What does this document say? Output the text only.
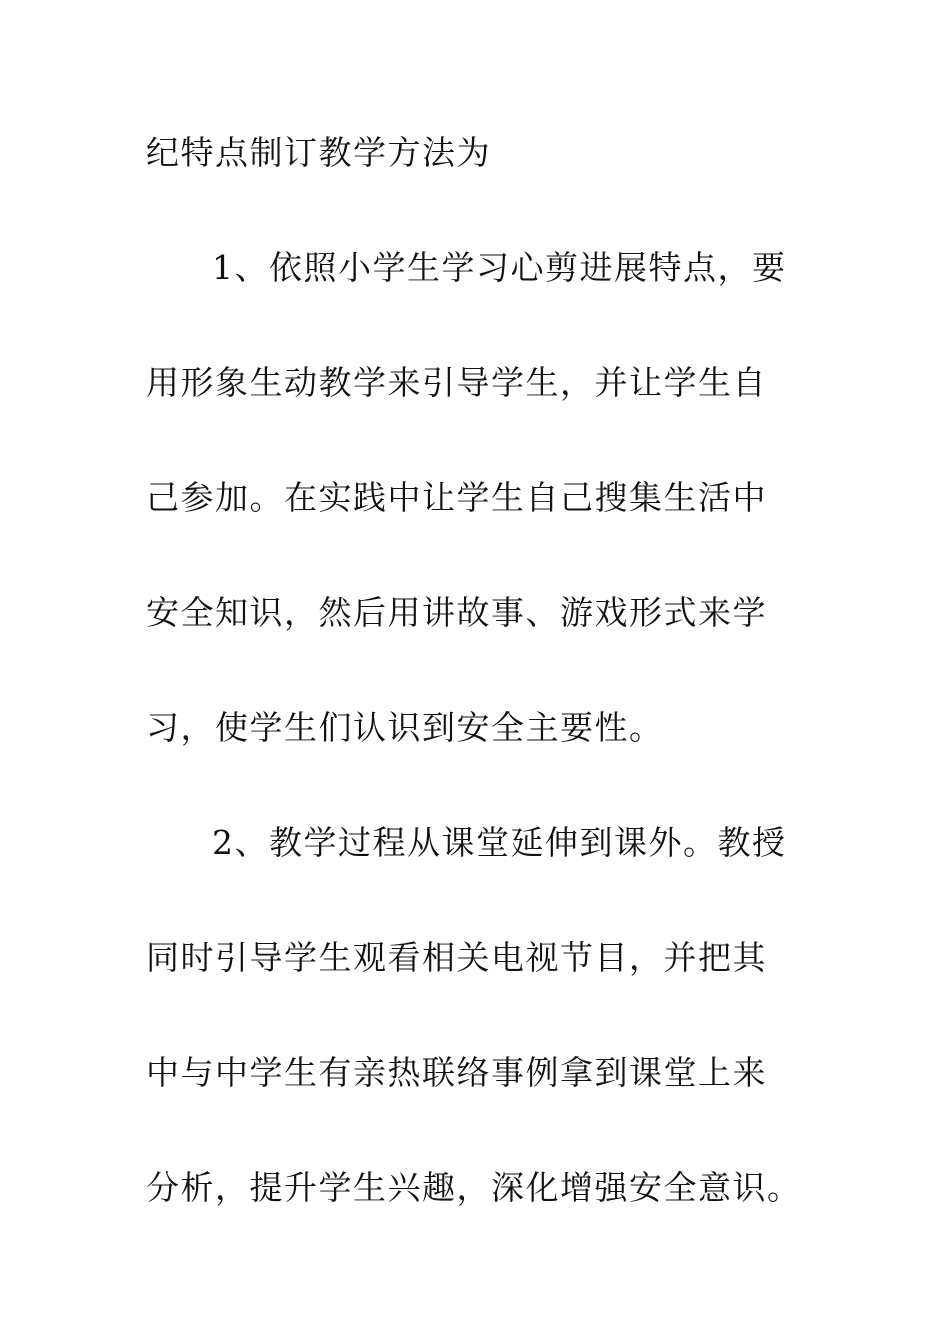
纪特点制订教学方法为
1、依照小学生学习心剪进展特点，要
用形象生动教学来引导学生，并让学生自
己参加。在实践中让学生自己搜集生活中
安全知识，然后用讲故事、游戏形式来学
习，使学生们认识到安全主要性。
2、教学过程从课堂延伸到课外。教授
同时引导学生观看相关电视节目，并把其
中与中学生有亲热联络事例拿到课堂上来
分析，提升学生兴趣，深化增强安全意识。
